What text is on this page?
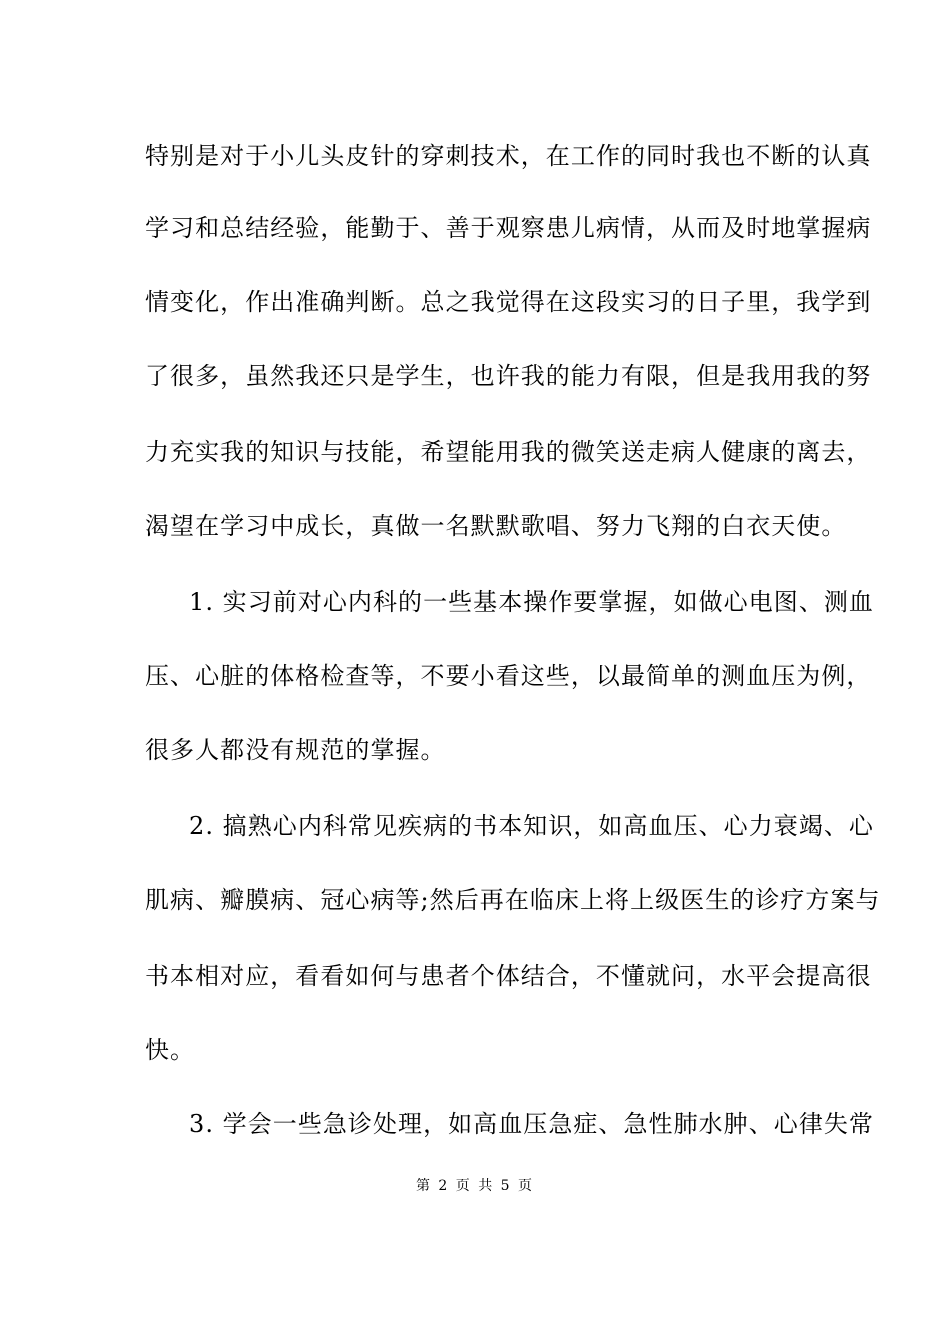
特别是对于小儿头皮针的穿刺技术，在工作的同时我也不断的认真
学习和总结经验，能勤于、善于观察患儿病情，从而及时地掌握病
情变化，作出准确判断。总之我觉得在这段实习的日子里，我学到
了很多，虽然我还只是学生，也许我的能力有限，但是我用我的努
力充实我的知识与技能，希望能用我的微笑送走病人健康的离去，
渴望在学习中成长，真做一名默默歌唱、努力飞翔的白衣天使。
1. 实习前对心内科的一些基本操作要掌握，如做心电图、测血
压、心脏的体格检查等，不要小看这些，以最简单的测血压为例，
很多人都没有规范的掌握。
2. 搞熟心内科常见疾病的书本知识，如高血压、心力衰竭、心
肌病、瓣膜病、冠心病等;然后再在临床上将上级医生的诊疗方案与
书本相对应，看看如何与患者个体结合，不懂就问，水平会提高很
快。
3. 学会一些急诊处理，如高血压急症、急性肺水肿、心律失常
第 2 页 共 5 页
